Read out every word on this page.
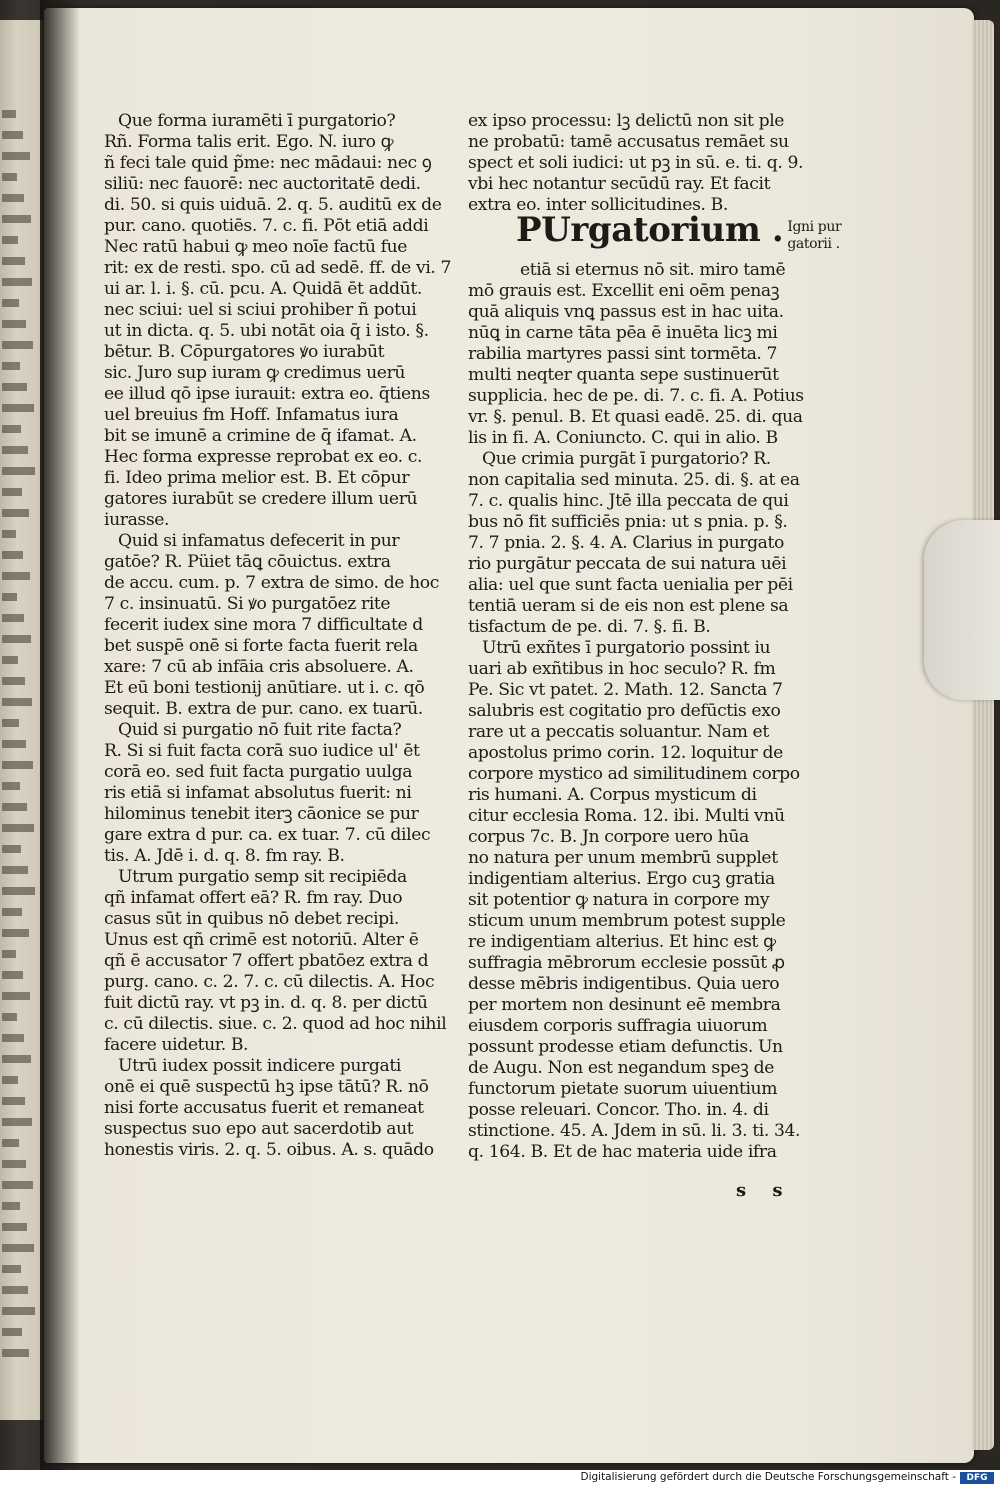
Que forma iuramēti ī purgatorio?
Rñ. Forma talis erit. Ego. N. iuro ꝙ
ñ feci tale quid p̃me: nec mādaui: nec ꝯ
siliū: nec fauorē: nec auctoritatē dedi.
di. 50. si quis uiduā. 2. q. 5. auditū ex de
pur. cano. quotiēs. 7. c. fi. Pōt etiā addi
Nec ratū habui ꝙ meo noīe factū fue
rit: ex de resti. spo. cū ad sedē. ff. de vi. 7
ui ar. l. i. §. cū. pcu. A. Quidā ēt addūt.
nec sciui: uel si sciui prohiber ñ potui
ut in dicta. q. 5. ubi notāt oia q̄ i isto. §.
bētur. B. Cōpurgatores ꝟo iurabūt
sic. Juro sup iuram ꝙ credimus uerū
ee illud qō ipse iurauit: extra eo. q̄tiens
uel breuius fm Hoff. Infamatus iura
bit se imunē a crimine de q̄ ifamat. A.
Hec forma expresse reprobat ex eo. c.
fi. Ideo prima melior est. B. Et cōpur
gatores iurabūt se credere illum uerū
iurasse.
Quid si infamatus defecerit in pur
gatōe? R. Püiet tāꝗ cōuictus. extra
de accu. cum. p. 7 extra de simo. de hoc
7 c. insinuatū. Si ꝟo purgatōez rite
fecerit iudex sine mora 7 difficultate d
bet suspē onē si forte facta fuerit rela
xare: 7 cū ab infāia cris absoluere. A.
Et eū boni testionij anūtiare. ut i. c. qō
sequit. B. extra de pur. cano. ex tuarū.
Quid si purgatio nō fuit rite facta?
R. Si si fuit facta corā suo iudice ul' ēt
corā eo. sed fuit facta purgatio uulga
ris etiā si infamat absolutus fuerit: ni
hilominus tenebit iterꝫ cāonice se pur
gare extra d pur. ca. ex tuar. 7. cū dilec
tis. A. Jdē i. d. q. 8. fm ray. B.
Utrum purgatio semp sit recipiēda
qñ infamat offert eā? R. fm ray. Duo
casus sūt in quibus nō debet recipi.
Unus est qñ crimē est notoriū. Alter ē
qñ ē accusator 7 offert pbatōez extra d
purg. cano. c. 2. 7. c. cū dilectis. A. Hoc
fuit dictū ray. vt pꝫ in. d. q. 8. per dictū
c. cū dilectis. siue. c. 2. quod ad hoc nihil
facere uidetur. B.
Utrū iudex possit indicere purgati
onē ei quē suspectū hꝫ ipse tātū? R. nō
nisi forte accusatus fuerit et remaneat
suspectus suo epo aut sacerdotib aut
honestis viris. 2. q. 5. oibus. A. s. quādo
ex ipso processu: lꝫ delictū non sit ple
ne probatū: tamē accusatus remāet su
spect et soli iudici: ut pꝫ in sū. e. ti. q. 9.
vbi hec notantur secūdū ray. Et facit
extra eo. inter sollicitudines. B.
PUrgatorium . Igni pur
gatorii .
etiā si eternus nō sit. miro tamē
mō grauis est. Excellit eni oēm penaꝫ
quā aliquis vnꝗ passus est in hac uita.
nūꝗ in carne tāta pēa ē inuēta licꝫ mi
rabilia martyres passi sint tormēta. 7
multi neqter quanta sepe sustinuerūt
supplicia. hec de pe. di. 7. c. fi. A. Potius
vr. §. penul. B. Et quasi eadē. 25. di. qua
lis in fi. A. Coniuncto. C. qui in alio. B
Que crimia purgāt ī purgatorio? R.
non capitalia sed minuta. 25. di. §. at ea
7. c. qualis hinc. Jtē illa peccata de qui
bus nō fit sufficiēs pnia: ut s pnia. p. §.
7. 7 pnia. 2. §. 4. A. Clarius in purgato
rio purgātur peccata de sui natura uēi
alia: uel que sunt facta uenialia per pēi
tentiā ueram si de eis non est plene sa
tisfactum de pe. di. 7. §. fi. B.
Utrū exñtes ī purgatorio possint iu
uari ab exñtibus in hoc seculo? R. fm
Pe. Sic vt patet. 2. Math. 12. Sancta 7
salubris est cogitatio pro defūctis exo
rare ut a peccatis soluantur. Nam et
apostolus primo corin. 12. loquitur de
corpore mystico ad similitudinem corpo
ris humani. A. Corpus mysticum di
citur ecclesia Roma. 12. ibi. Multi vnū
corpus 7c. B. Jn corpore uero hūa
no natura per unum membrū supplet
indigentiam alterius. Ergo cuꝫ gratia
sit potentior ꝙ natura in corpore my
sticum unum membrum potest supple
re indigentiam alterius. Et hinc est ꝙ
suffragia mēbrorum ecclesie possūt ꝓ
desse mēbris indigentibus. Quia uero
per mortem non desinunt eē membra
eiusdem corporis suffragia uiuorum
possunt prodesse etiam defunctis. Un
de Augu. Non est negandum speꝫ de
functorum pietate suorum uiuentium
posse releuari. Concor. Tho. in. 4. di
stinctione. 45. A. Jdem in sū. li. 3. ti. 34.
q. 164. B. Et de hac materia uide ifra
s s
Digitalisierung gefördert durch die Deutsche Forschungsgemeinschaft -	DFG
